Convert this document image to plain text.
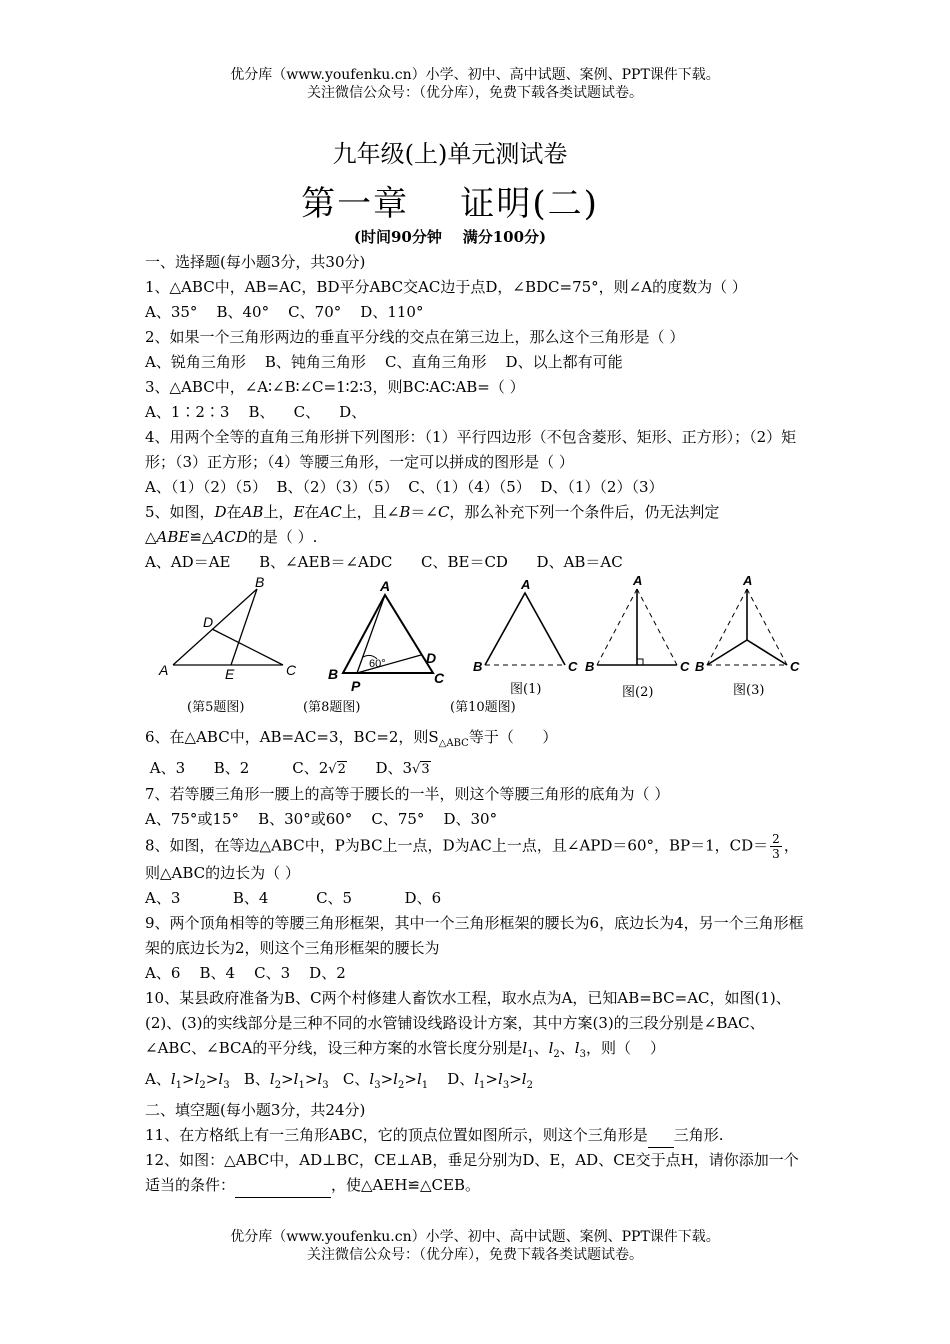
优分库（www.youfenku.cn）小学、初中、高中试题、案例、PPT课件下载。
关注微信公众号：（优分库），免费下载各类试题试卷。
九年级(上)单元测试卷
第一章    证明(二)
(时间90分钟    满分100分)

一、选择题(每小题3分，共30分)

1、△ABC中，AB=AC，BD平分ABC交AC边于点D，∠BDC=75°，则∠A的度数为（ ）

A、35°    B、40°    C、70°    D、110°

2、如果一个三角形两边的垂直平分线的交点在第三边上，那么这个三角形是（ ）

A、锐角三角形    B、钝角三角形    C、直角三角形    D、以上都有可能

3、△ABC中，∠A∶∠B∶∠C=1∶2∶3，则BC∶AC∶AB=（ ）

A、1∶2∶3    B、    C、    D、

4、用两个全等的直角三角形拼下列图形：（1）平行四边形（不包含菱形、矩形、正方形）；（2）矩形；（3）正方形；（4）等腰三角形，一定可以拼成的图形是（ ）

A、（1）（2）（5）  B、（2）（3）（5）  C、（1）（4）（5）  D、（1）（2）（3）

5、如图，D在AB上，E在AC上，且∠B＝∠C，那么补充下列一个条件后，仍无法判定△ABE≌△ACD的是（ ）.

A、AD＝AE      B、∠AEB＝∠ADC      C、BE＝CD      D、AB＝AC

A
B
C
D
E
A
B	C
D
P
60°
A
B	C
A
B	C
A
B	C
(第5题图)	(第8题图)	(第10题图)
图(1)	图(2)	图(3)

6、在△ABC中，AB=AC=3，BC=2，则$S_{\triangle ABC}$等于（      ）

A、3      B、2         C、2√2      D、3√3

7、若等腰三角形一腰上的高等于腰长的一半，则这个等腰三角形的底角为（ ）

A、75°或15°    B、30°或60°    C、75°    D、30°

8、如图，在等边△ABC中，P为BC上一点，D为AC上一点，且∠APD＝60°，BP＝1，$CD= \frac{2}{3}$ ，则△ABC的边长为（ ）

A、3           B、4          C、5           D、6

9、两个顶角相等的等腰三角形框架，其中一个三角形框架的腰长为6，底边长为4，另一个三角形框架的底边长为2，则这个三角形框架的腰长为

A、6    B、4    C、3    D、2

10、某县政府准备为B、C两个村修建人畜饮水工程，取水点为A，已知AB=BC=AC，如图(1)、(2)、(3)的实线部分是三种不同的水管铺设线路设计方案，其中方案(3)的三段分别是∠BAC、∠ABC、∠BCA的平分线，设三种方案的水管长度分别是$l_1$、$l_2$、$l_3$，则（    ）

A、$l_1>l_2>l_3$   B、$l_2>l_1>l_3$   C、$l_3>l_2>l_1$    D、$l_1>l_3>l_2$

二、填空题(每小题3分，共24分)

11、在方格纸上有一三角形ABC，它的顶点位置如图所示，则这个三角形是 三角形.

12、如图：△ABC中，AD⊥BC，CE⊥AB，垂足分别为D、E，AD、CE交于点H，请你添加一个适当的条件：	，使△AEH≌△CEB。

优分库（www.youfenku.cn）小学、初中、高中试题、案例、PPT课件下载。
关注微信公众号：（优分库），免费下载各类试题试卷。
